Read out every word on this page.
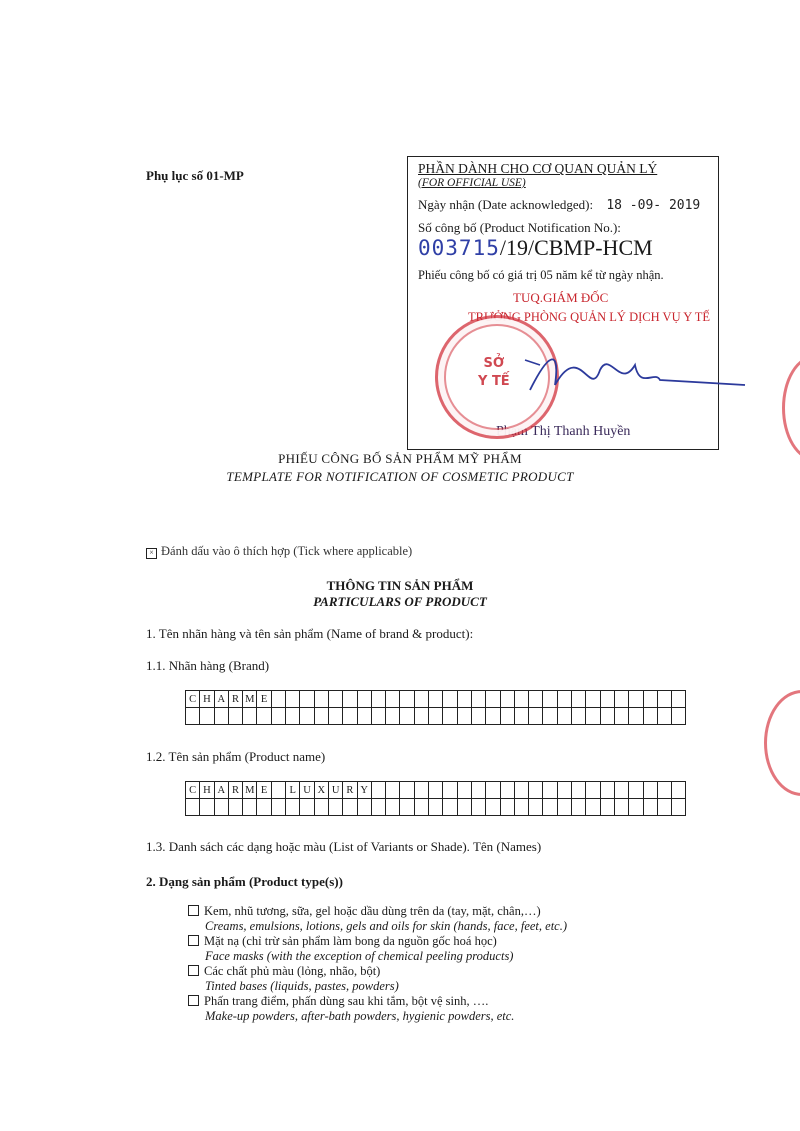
Phụ lục số 01-MP	PHẦN DÀNH CHO CƠ QUAN QUẢN LÝ
(FOR OFFICIAL USE)
Ngày nhận (Date acknowledged): 18 -09- 2019
Số công bố (Product Notification No.):
003715/19/CBMP-HCM
Phiếu công bố có giá trị 05 năm kể từ ngày nhận.
TUQ.GIÁM ĐỐC
TRƯỞNG PHÒNG QUẢN LÝ DỊCH VỤ Y TẾ
Phạm Thị Thanh Huyền
SỞ
Y TẾ
PHIẾU CÔNG BỐ SẢN PHẨM MỸ PHẨM
TEMPLATE FOR NOTIFICATION OF COSMETIC PRODUCT
× Đánh dấu vào ô thích hợp (Tick where applicable)
THÔNG TIN SẢN PHẨM
PARTICULARS OF PRODUCT
1. Tên nhãn hàng và tên sản phẩm (Name of brand & product):
1.1. Nhãn hàng (Brand)
C	H	A	R	M	E																													

1.2. Tên sản phẩm (Product name)
C	H	A	R	M	E		L	U	X	U	R	Y																						

1.3. Danh sách các dạng hoặc màu (List of Variants or Shade). Tên (Names)
2. Dạng sản phẩm (Product type(s))
Kem, nhũ tương, sữa, gel hoặc dầu dùng trên da (tay, mặt, chân,…)
Creams, emulsions, lotions, gels and oils for skin (hands, face, feet, etc.)
Mặt nạ (chỉ trừ sản phẩm làm bong da nguồn gốc hoá học)
Face masks (with the exception of chemical peeling products)
Các chất phủ màu (lỏng, nhão, bột)
Tinted bases (liquids, pastes, powders)
Phấn trang điểm, phấn dùng sau khi tắm, bột vệ sinh, ….
Make-up powders, after-bath powders, hygienic powders, etc.
